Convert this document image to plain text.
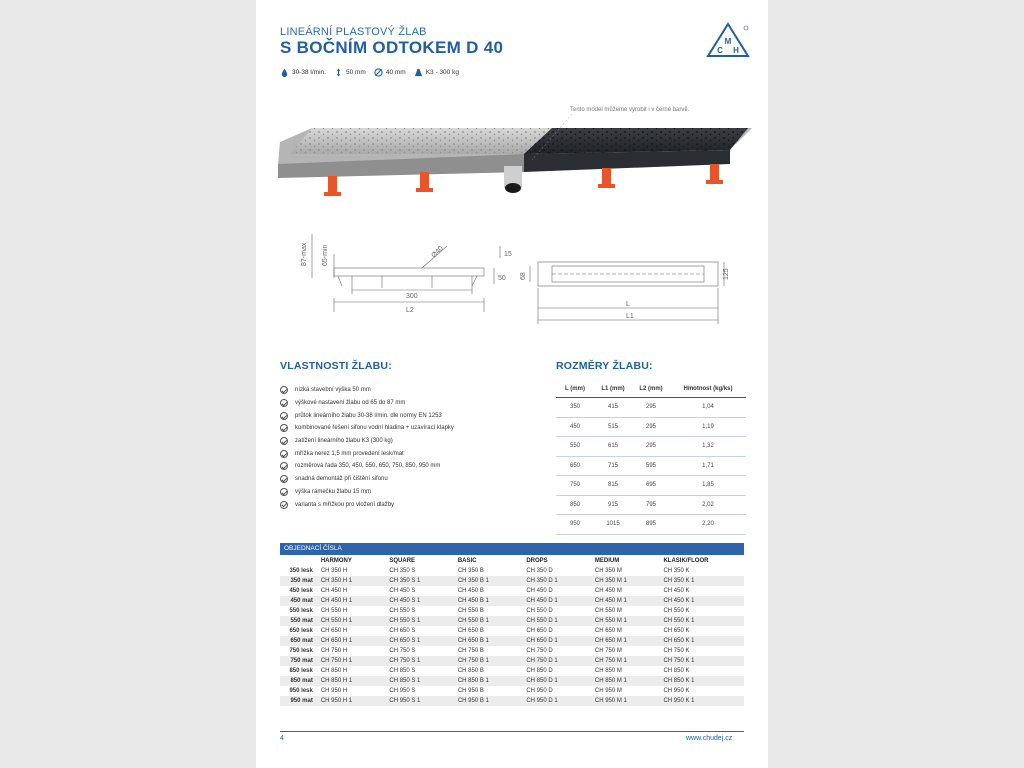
LINEÁRNÍ PLASTOVÝ ŽLAB
S BOČNÍM ODTOKEM D 40	M
C H
30-38 l/min.	50 mm	40 mm	K3 - 300 kg
Tento model můžeme vyrobit i v černé barvě.
87-max 65-min	Ø40	15
50
300
L2
125
68
L
L1
VLASTNOSTI ŽLABU:	ROZMĚRY ŽLABU:
nízká stavební výška 50 mm
výškové nastavení žlabu od 65 do 87 mm
průtok lineárního žlabu 30-38 l/min. dle normy EN 1253
kombinované řešení sifonu vodní hladina + uzavírací klapky
zatížení lineárního žlabu K3 (300 kg)
mřížka nerez 1,5 mm provedení lesk/mat
rozměrová řada 350, 450, 550, 650, 750, 850, 950 mm
snadná demontáž při čištění sifonu
výška rámečku žlabu 15 mm
varianta s mřížkou pro vložení dlažby
L (mm)	L1 (mm)	L2 (mm)	Hmotnost (kg/ks)
350	415	295	1,04
450	515	295	1,19
550	615	295	1,32
650	715	595	1,71
750	815	695	1,85
850	915	795	2,02
950	1015	895	2,20
OBJEDNACÍ ČÍSLA
	HARMONY	SQUARE	BASIC	DROPS	MEDIUM	KLASIK/FLOOR
350 lesk	CH 350 H	CH 350 S	CH 350 B	CH 350 D	CH 350 M	CH 350 K
350 mat	CH 350 H 1	CH 350 S 1	CH 350 B 1	CH 350 D 1	CH 350 M 1	CH 350 K 1
450 lesk	CH 450 H	CH 450 S	CH 450 B	CH 450 D	CH 450 M	CH 450 K
450 mat	CH 450 H 1	CH 450 S 1	CH 450 B 1	CH 450 D 1	CH 450 M 1	CH 450 K 1
550 lesk	CH 550 H	CH 550 S	CH 550 B	CH 550 D	CH 550 M	CH 550 K
550 mat	CH 550 H 1	CH 550 S 1	CH 550 B 1	CH 550 D 1	CH 550 M 1	CH 550 K 1
650 lesk	CH 650 H	CH 650 S	CH 650 B	CH 650 D	CH 650 M	CH 650 K
650 mat	CH 650 H 1	CH 650 S 1	CH 650 B 1	CH 650 D 1	CH 650 M 1	CH 650 K 1
750 lesk	CH 750 H	CH 750 S	CH 750 B	CH 750 D	CH 750 M	CH 750 K
750 mat	CH 750 H 1	CH 750 S 1	CH 750 B 1	CH 750 D 1	CH 750 M 1	CH 750 K 1
850 lesk	CH 850 H	CH 850 S	CH 850 B	CH 850 D	CH 850 M	CH 850 K
850 mat	CH 850 H 1	CH 850 S 1	CH 850 B 1	CH 850 D 1	CH 850 M 1	CH 850 K 1
950 lesk	CH 950 H	CH 950 S	CH 950 B	CH 950 D	CH 950 M	CH 950 K
950 mat	CH 950 H 1	CH 950 S 1	CH 950 B 1	CH 950 D 1	CH 950 M 1	CH 950 K 1
4	www.chudej.cz
